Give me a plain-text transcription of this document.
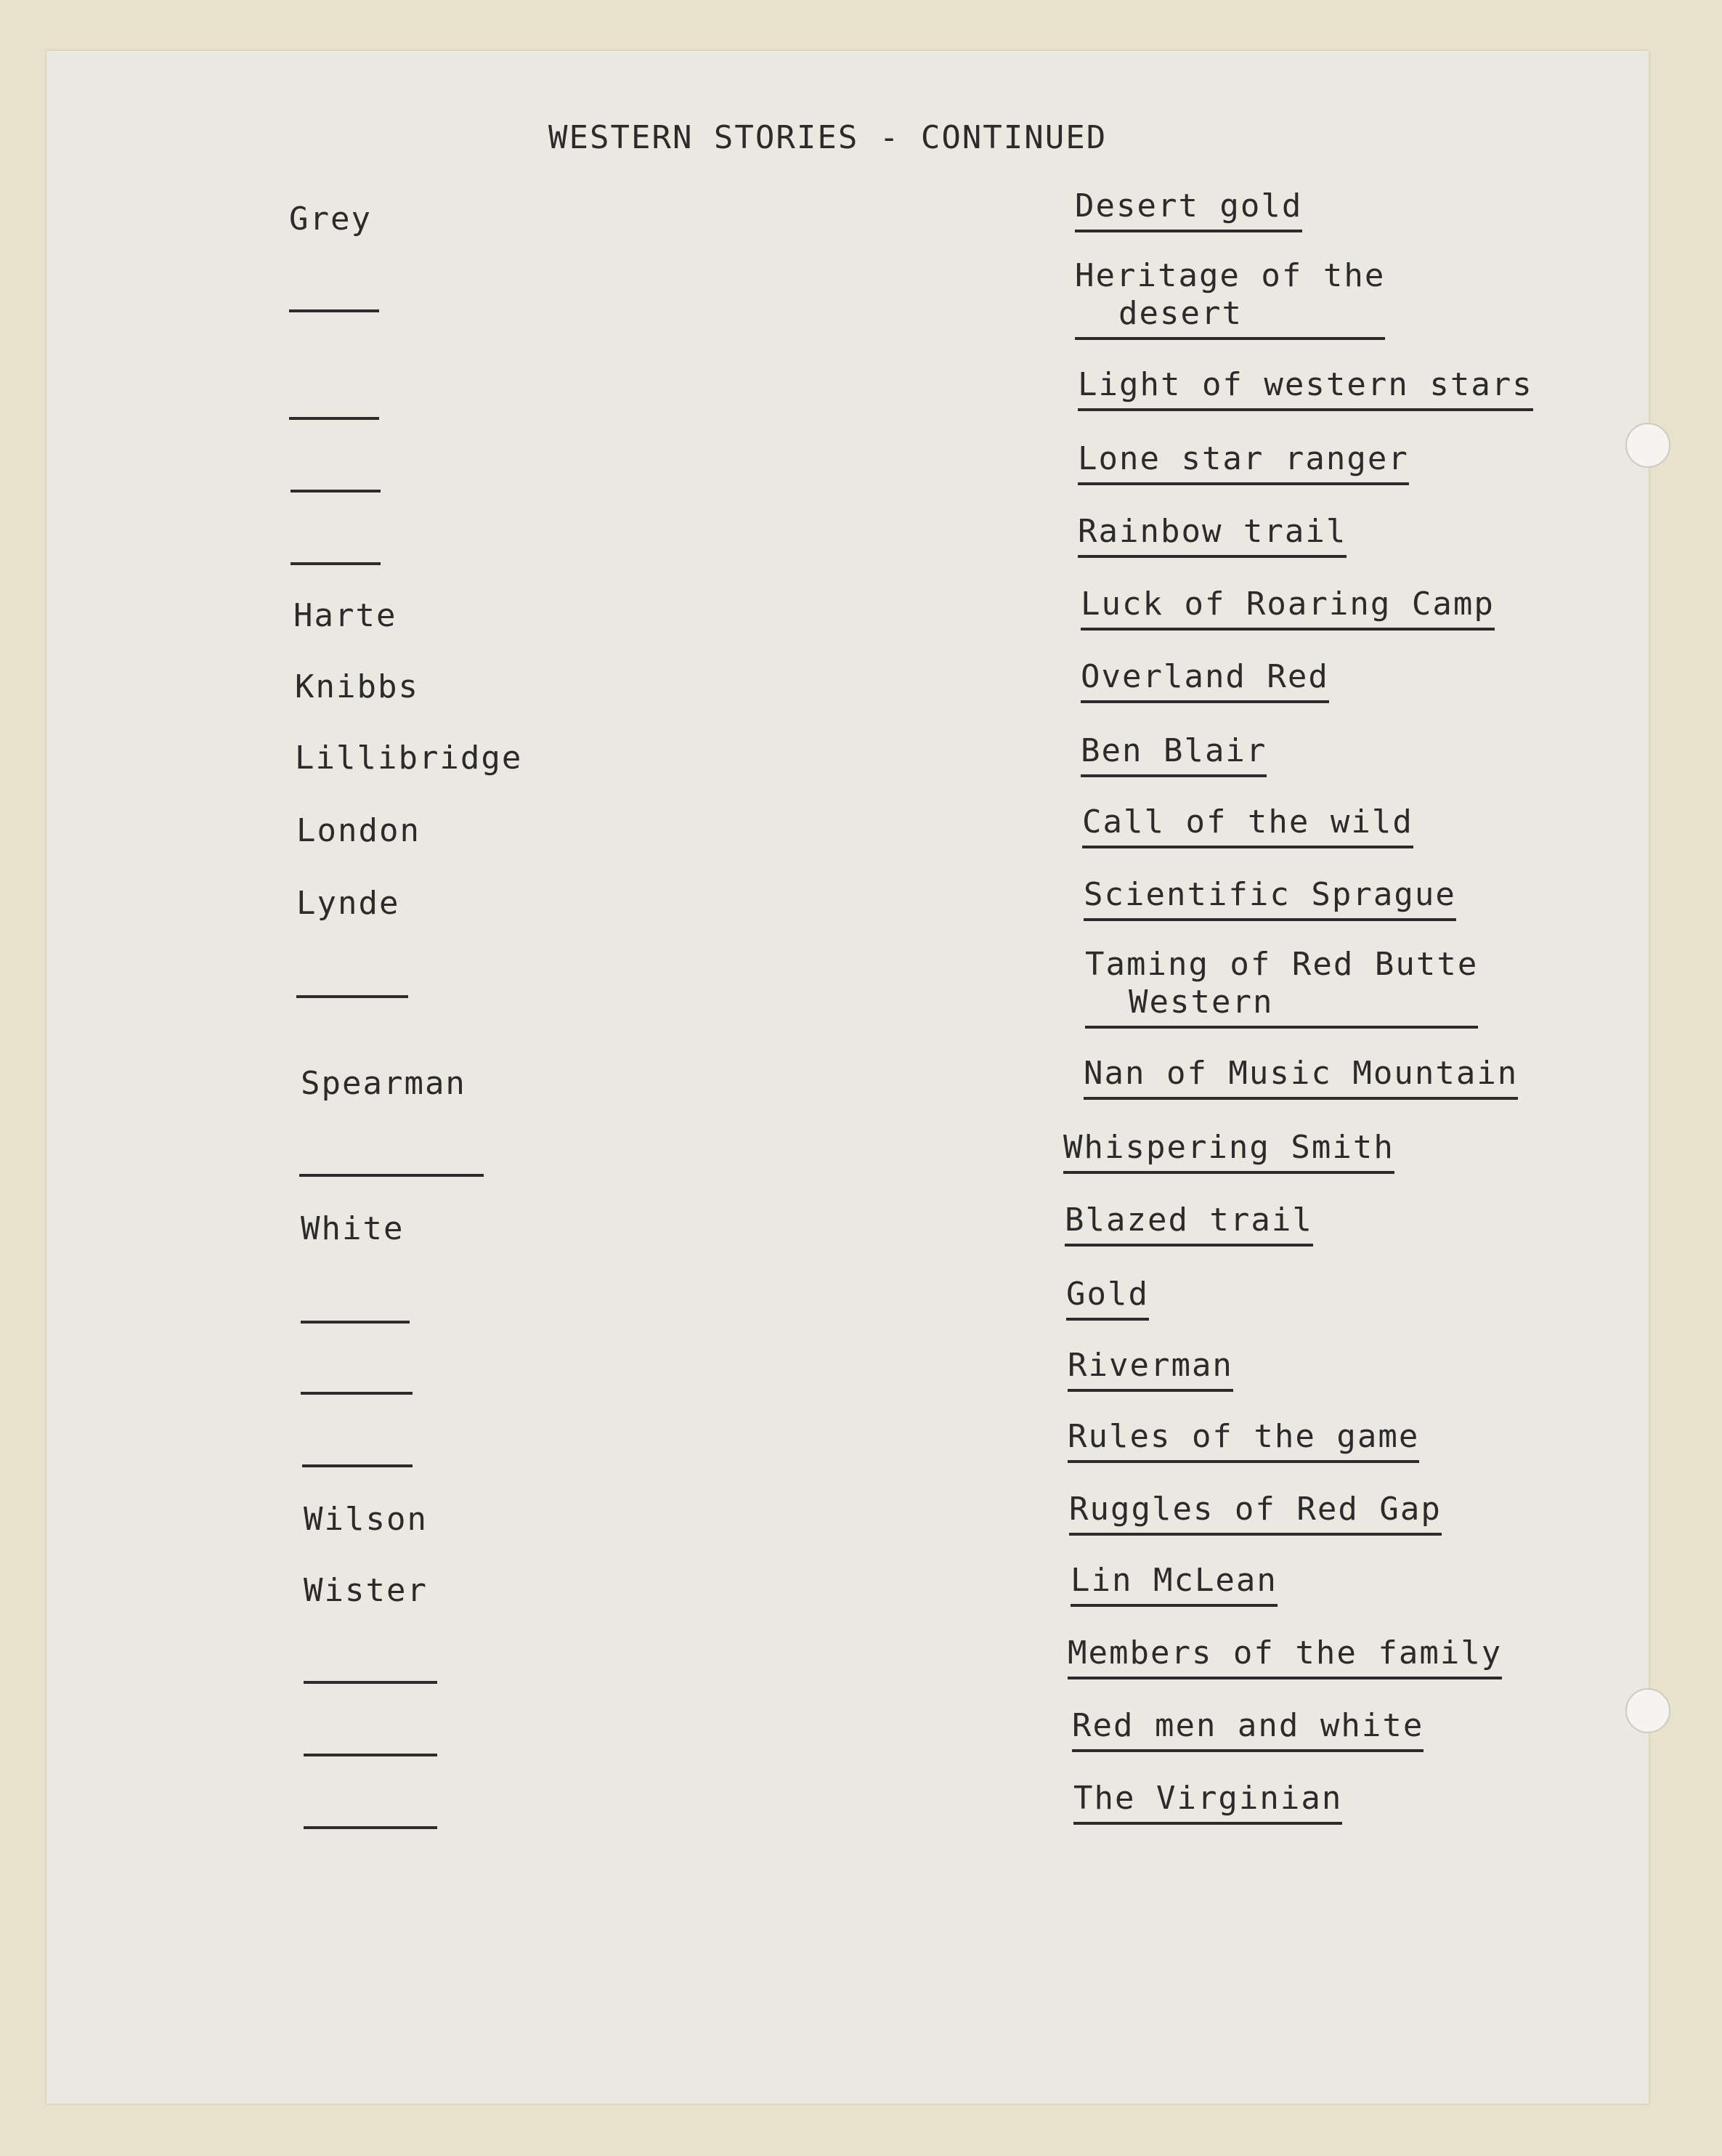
WESTERN STORIES - CONTINUED
Grey
Harte
Knibbs
Lillibridge
London
Lynde
Spearman
White
Wilson
Wister
Desert gold
Heritage of the
desert
Light of western stars
Lone star ranger
Rainbow trail
Luck of Roaring Camp
Overland Red
Ben Blair
Call of the wild
Scientific Sprague
Taming of Red Butte
Western
Nan of Music Mountain
Whispering Smith
Blazed trail
Gold
Riverman
Rules of the game
Ruggles of Red Gap
Lin McLean
Members of the family
Red men and white
The Virginian
